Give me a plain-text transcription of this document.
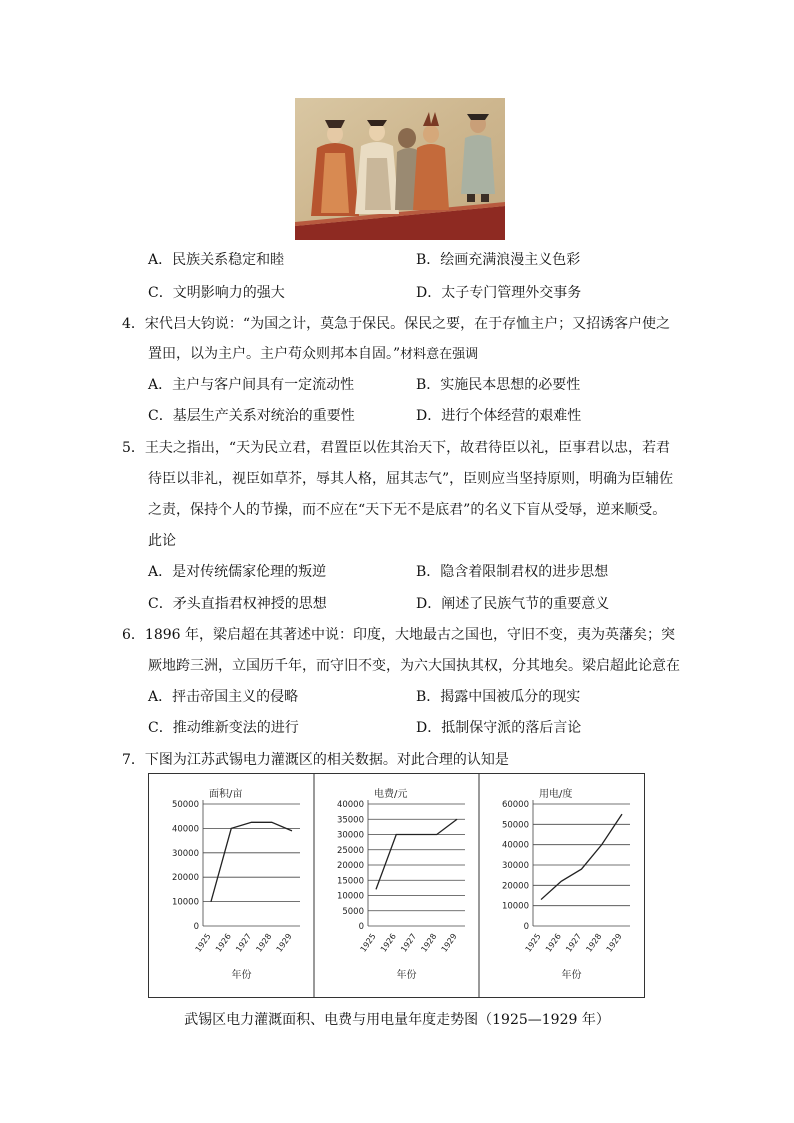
A．民族关系稳定和睦	B．绘画充满浪漫主义色彩
C．文明影响力的强大	D．太子专门管理外交事务
4．宋代吕大钧说：“为国之计，莫急于保民。保民之要，在于存恤主户；又招诱客户使之
置田，以为主户。主户苟众则邦本自固。”材料意在强调
A．主户与客户间具有一定流动性	B．实施民本思想的必要性
C．基层生产关系对统治的重要性	D．进行个体经营的艰难性
5．王夫之指出，“天为民立君，君置臣以佐其治天下，故君待臣以礼，臣事君以忠，若君
待臣以非礼，视臣如草芥，辱其人格，屈其志气”，臣则应当坚持原则，明确为臣辅佐
之责，保持个人的节操，而不应在“天下无不是底君”的名义下盲从受辱，逆来顺受。
此论
A．是对传统儒家伦理的叛逆	B．隐含着限制君权的进步思想
C．矛头直指君权神授的思想	D．阐述了民族气节的重要意义
6．1896 年，梁启超在其著述中说：印度，大地最古之国也，守旧不变，夷为英藩矣；突
厥地跨三洲，立国历千年，而守旧不变，为六大国执其权，分其地矣。梁启超此论意在
A．抨击帝国主义的侵略	B．揭露中国被瓜分的现实
C．推动维新变法的进行	D．抵制保守派的落后言论
7．下图为江苏武锡电力灌溉区的相关数据。对此合理的认知是
面积/亩
0
10000
20000
30000
40000
50000
1925 1926 1927 1928 1929
年份
电费/元
0
5000
10000
15000
20000
25000
30000
35000
40000
1925 1926 1927 1928 1929
年份
用电/度
0
10000
20000
30000
40000
50000
60000
1925 1926 1927 1928 1929
年份
武锡区电力灌溉面积、电费与用电量年度走势图（1925—1929 年）
